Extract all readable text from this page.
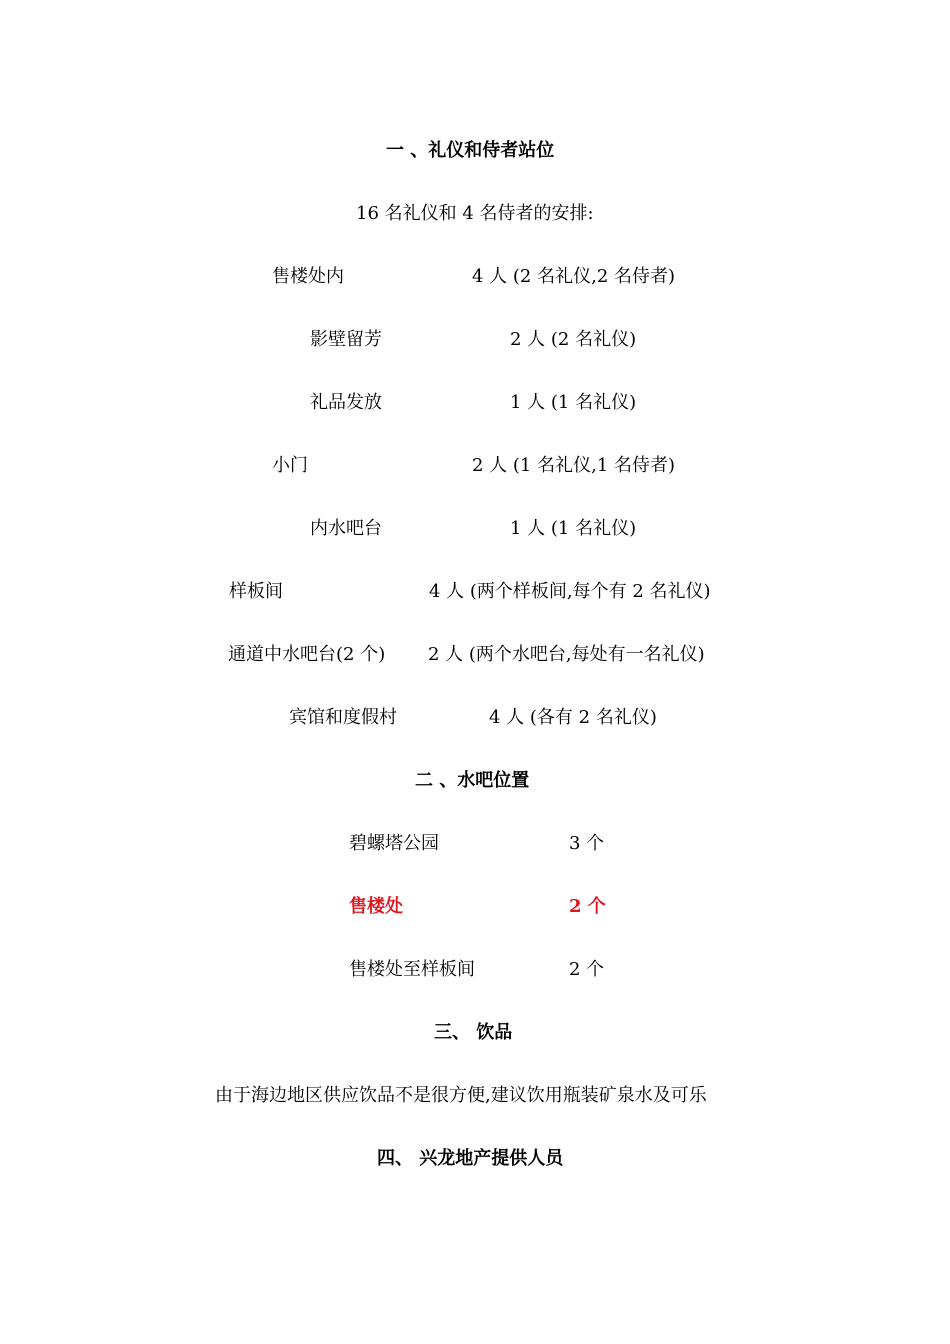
一 、礼仪和侍者站位
16 名礼仪和 4 名侍者的安排:
售楼处内	4 人 (2 名礼仪,2 名侍者)
影壁留芳	2 人 (2 名礼仪)
礼品发放	1 人 (1 名礼仪)
小门	2 人 (1 名礼仪,1 名侍者)
内水吧台	1 人 (1 名礼仪)
样板间	4 人 (两个样板间,每个有 2 名礼仪)
通道中水吧台(2 个) 2 人 (两个水吧台,每处有一名礼仪)
宾馆和度假村	4 人 (各有 2 名礼仪)
二 、水吧位置
碧螺塔公园	3 个
售楼处	2 个
售楼处至样板间	2 个
三、 饮品
由于海边地区供应饮品不是很方便,建议饮用瓶装矿泉水及可乐
四、 兴龙地产提供人员
